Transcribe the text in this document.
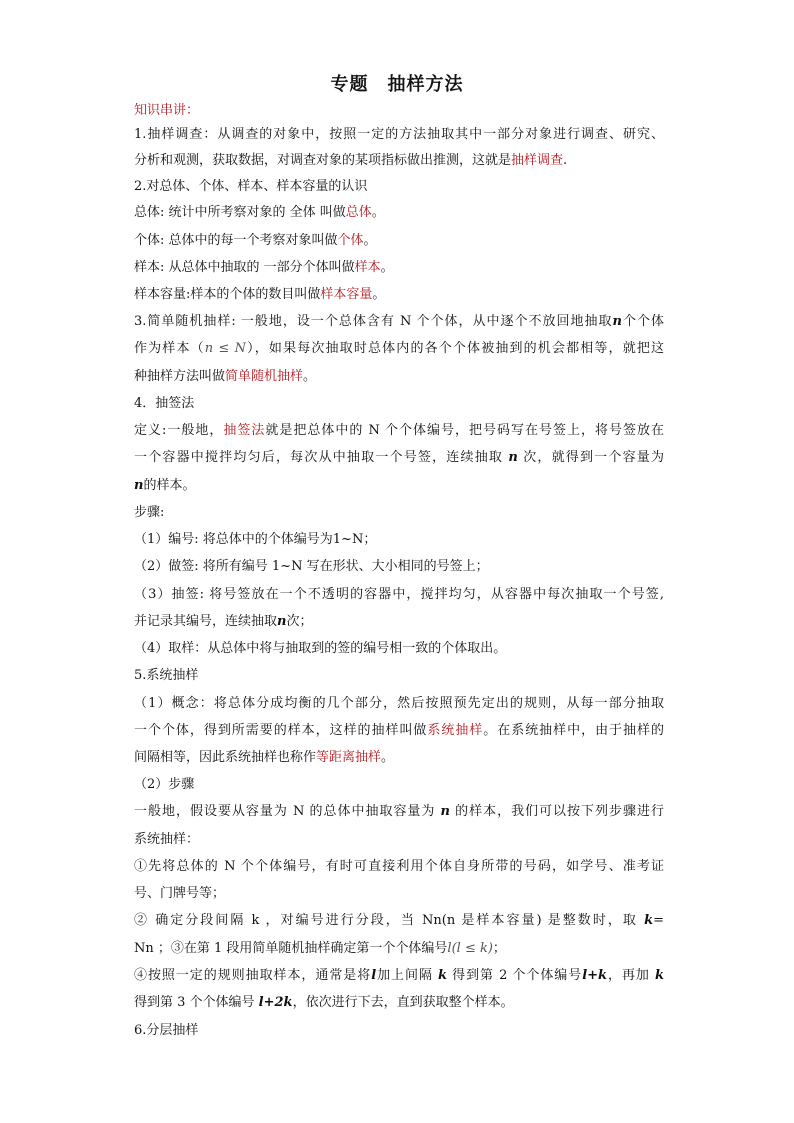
专题　抽样方法
知识串讲：
1.抽样调查：从调查的对象中，按照一定的方法抽取其中一部分对象进行调查、研究、
分析和观测，获取数据，对调查对象的某项指标做出推测，这就是抽样调查.
2.对总体、个体、样本、样本容量的认识
总体: 统计中所考察对象的 全体 叫做总体。
个体: 总体中的每一个考察对象叫做个体。
样本: 从总体中抽取的 一部分个体叫做样本。
样本容量:样本的个体的数目叫做样本容量。
3.简单随机抽样: 一般地，设一个总体含有 N 个个体，从中逐个不放回地抽取n个个体
作为样本（n ≤ N），如果每次抽取时总体内的各个个体被抽到的机会都相等，就把这
种抽样方法叫做简单随机抽样。
4．抽签法
定义:一般地，抽签法就是把总体中的 N 个个体编号，把号码写在号签上，将号签放在
一个容器中搅拌均匀后，每次从中抽取一个号签，连续抽取 n 次，就得到一个容量为
n的样本。
步骤:
（1）编号: 将总体中的个体编号为1~N；
（2）做签: 将所有编号 1~N 写在形状、大小相同的号签上；
（3）抽签: 将号签放在一个不透明的容器中，搅拌均匀，从容器中每次抽取一个号签,
并记录其编号，连续抽取n次；
（4）取样：从总体中将与抽取到的签的编号相一致的个体取出。
5.系统抽样
（1）概念：将总体分成均衡的几个部分，然后按照预先定出的规则，从每一部分抽取
一个个体，得到所需要的样本，这样的抽样叫做系统抽样。在系统抽样中，由于抽样的
间隔相等，因此系统抽样也称作等距离抽样。
（2）步骤
一般地，假设要从容量为 N 的总体中抽取容量为 n 的样本，我们可以按下列步骤进行
系统抽样：
①先将总体的 N 个个体编号，有时可直接利用个体自身所带的号码，如学号、准考证
号、门牌号等；
② 确定分段间隔 k ，对编号进行分段，当 Nn(n 是样本容量) 是整数时，取 k=
Nn ；③在第 1 段用简单随机抽样确定第一个个体编号l(l ≤ k)；
④按照一定的规则抽取样本，通常是将l加上间隔 k 得到第 2 个个体编号l+k，再加 k
得到第 3 个个体编号 l+2k，依次进行下去，直到获取整个样本。
6.分层抽样
